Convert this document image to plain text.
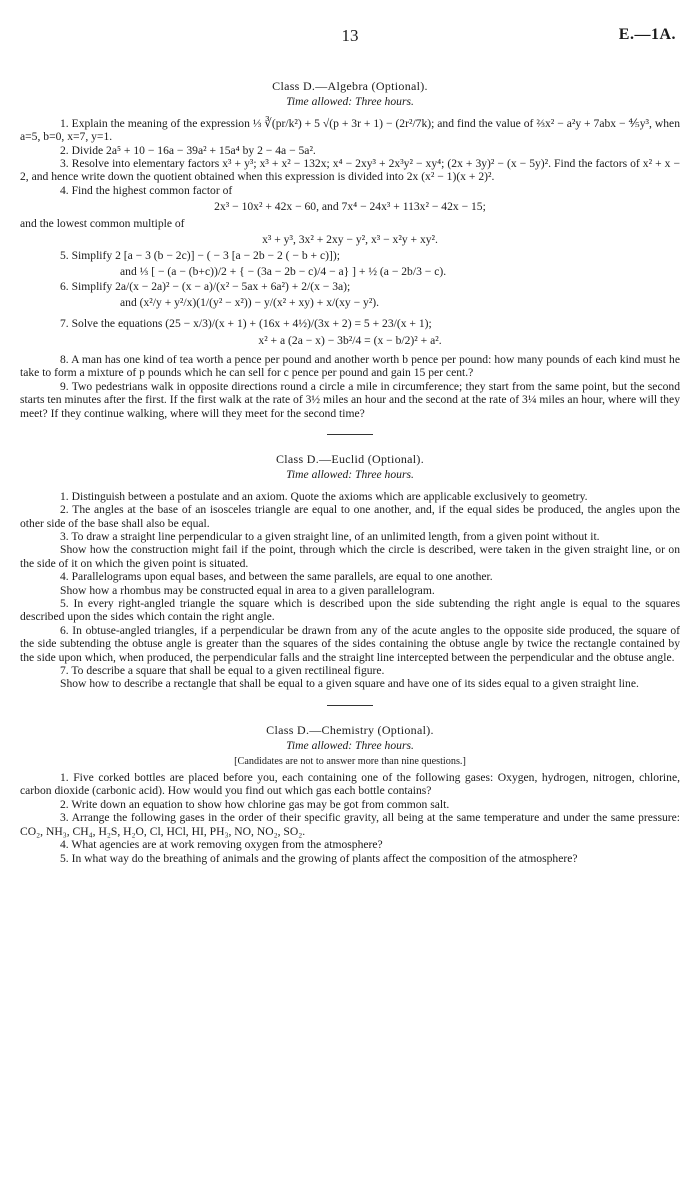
13	E.—1A.
Class D.—Algebra (Optional).
Time allowed: Three hours.

1. Explain the meaning of the expression ⅓ ∛(pr/k²) + 5 √(p + 3r + 1) − (2r²/7k); and find the value of ⅔x² − a²y + 7abx − ⅘y³, when a=5, b=0, x=7, y=1.

2. Divide 2a⁵ + 10 − 16a − 39a² + 15a⁴ by 2 − 4a − 5a².

3. Resolve into elementary factors x³ + y³; x³ + x² − 132x; x⁴ − 2xy³ + 2x³y² − xy⁴; (2x + 3y)² − (x − 5y)². Find the factors of x² + x − 2, and hence write down the quotient obtained when this expression is divided into 2x (x² − 1)(x + 2)².

4. Find the highest common factor of

2x³ − 10x² + 42x − 60, and 7x⁴ − 24x³ + 113x² − 42x − 15;

and the lowest common multiple of

x³ + y³, 3x² + 2xy − y², x³ − x²y + xy².

5. Simplify 2 [a − 3 (b − 2c)] − ( − 3 [a − 2b − 2 ( − b + c)]);

and ⅓ [ − (a − (b+c))/2 + { − (3a − 2b − c)/4 − a} ] + ½ (a − 2b/3 − c).

6. Simplify 2a/(x − 2a)² − (x − a)/(x² − 5ax + 6a²) + 2/(x − 3a);

and (x²/y + y²/x)(1/(y² − x²)) − y/(x² + xy) + x/(xy − y²).

7. Solve the equations (25 − x/3)/(x + 1) + (16x + 4½)/(3x + 2) = 5 + 23/(x + 1);

x² + a (2a − x) − 3b²/4 = (x − b/2)² + a².

8. A man has one kind of tea worth a pence per pound and another worth b pence per pound: how many pounds of each kind must he take to form a mixture of p pounds which he can sell for c pence per pound and gain 15 per cent.?

9. Two pedestrians walk in opposite directions round a circle a mile in circumference; they start from the same point, but the second starts ten minutes after the first. If the first walk at the rate of 3½ miles an hour and the second at the rate of 3¼ miles an hour, where will they meet? If they continue walking, where will they meet for the second time?

Class D.—Euclid (Optional).
Time allowed: Three hours.

1. Distinguish between a postulate and an axiom. Quote the axioms which are applicable exclusively to geometry.

2. The angles at the base of an isosceles triangle are equal to one another, and, if the equal sides be produced, the angles upon the other side of the base shall also be equal.

3. To draw a straight line perpendicular to a given straight line, of an unlimited length, from a given point without it.

Show how the construction might fail if the point, through which the circle is described, were taken in the given straight line, or on the side of it on which the given point is situated.

4. Parallelograms upon equal bases, and between the same parallels, are equal to one another.

Show how a rhombus may be constructed equal in area to a given parallelogram.

5. In every right-angled triangle the square which is described upon the side subtending the right angle is equal to the squares described upon the sides which contain the right angle.

6. In obtuse-angled triangles, if a perpendicular be drawn from any of the acute angles to the opposite side produced, the square of the side subtending the obtuse angle is greater than the squares of the sides containing the obtuse angle by twice the rectangle contained by the side upon which, when produced, the perpendicular falls and the straight line intercepted between the perpendicular and the obtuse angle.

7. To describe a square that shall be equal to a given rectilineal figure.

Show how to describe a rectangle that shall be equal to a given square and have one of its sides equal to a given straight line.

Class D.—Chemistry (Optional).
Time allowed: Three hours.
[Candidates are not to answer more than nine questions.]

1. Five corked bottles are placed before you, each containing one of the following gases: Oxygen, hydrogen, nitrogen, chlorine, carbon dioxide (carbonic acid). How would you find out which gas each bottle contains?

2. Write down an equation to show how chlorine gas may be got from common salt.

3. Arrange the following gases in the order of their specific gravity, all being at the same temperature and under the same pressure: CO₂, NH₃, CH₄, H₂S, H₂O, Cl, HCl, HI, PH₃, NO, NO₂, SO₂.

4. What agencies are at work removing oxygen from the atmosphere?

5. In what way do the breathing of animals and the growing of plants affect the composition of the atmosphere?
